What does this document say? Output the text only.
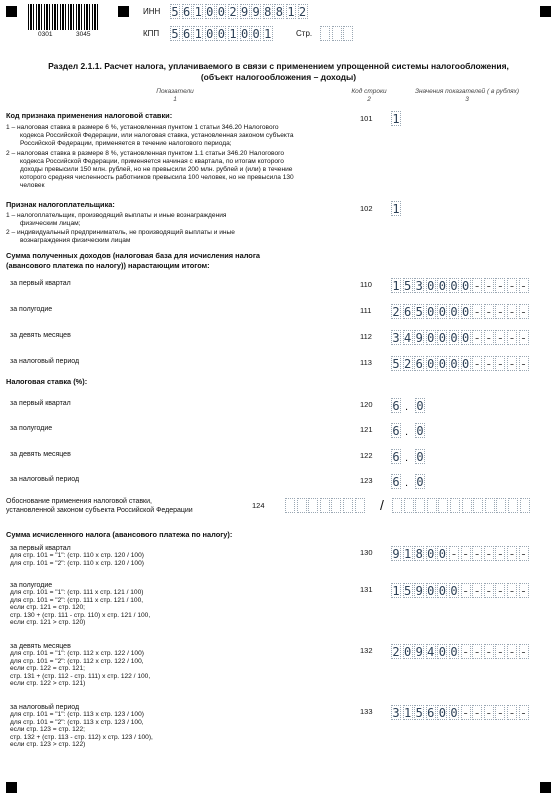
0301	3045
ИНН 5 6 1 0 0 2 9 9 8 8 1 2
КПП 5 6 1 0 0 1 0 0 1	Стр.
Раздел 2.1.1. Расчет налога, уплачиваемого в связи с применением упрощенной системы налогообложения,
(объект налогообложения – доходы)
Показатели
1
Код строки
2
Значения показателей ( в рублях)
3
Код признака применения налоговой ставки:
1 – налоговая ставка в размере 6 %, установленная пунктом 1 статьи 346.20 Налогового
кодекса Российской Федерации, или налоговая ставка, установленная законом субъекта
Российской Федерации, применяется в течение налогового периода;
2 – налоговая ставка в размере 8 %, установленная пунктом 1.1 статьи 346.20 Налогового
кодекса Российской Федерации, применяется начиная с квартала, по итогам которого
доходы превысили 150 млн. рублей, но не превысили 200 млн. рублей и (или) в течение
которого средняя численность работников превысила 100 человек, но не превысила 130
человек
101 1
Признак налогоплательщика:
1 – налогоплательщик, производящий выплаты и иные вознаграждения
физическим лицам;
2 – индивидуальный предприниматель, не производящий выплаты и иные
вознаграждения физическим лицам
102 1
Сумма полученных доходов (налоговая база для исчисления налога
(авансового платежа по налогу)) нарастающим итогом:
за первый квартал	110 1 5 3 0 0 0 0 - - - - -
за полугодие	111 2 6 5 0 0 0 0 - - - - -
за девять месяцев	112 3 4 9 0 0 0 0 - - - - -
за налоговый период	113 5 2 6 0 0 0 0 - - - - -
Налоговая ставка (%):
за первый квартал	120 6 . 0
за полугодие	121 6 . 0
за девять месяцев	122 6 . 0
за налоговый период	123 6 . 0
Обоснование применения налоговой ставки,
установленной законом субъекта Российской Федерации
124	/
Сумма исчисленного налога (авансового платежа по налогу):
за первый квартал
для стр. 101 = "1": (стр. 110 х стр. 120 / 100)
для стр. 101 = "2": (стр. 110 х стр. 120 / 100)
130 9 1 8 0 0 - - - - - - -
за полугодие
для стр. 101 = "1": (стр. 111 х стр. 121 / 100)
для стр. 101 = "2": (стр. 111 х стр. 121 / 100,
если стр. 121 = стр. 120;
стр. 130 + (стр. 111 - стр. 110) х стр. 121 / 100,
если стр. 121 > стр. 120)
131 1 5 9 0 0 0 - - - - - -
за девять месяцев
для стр. 101 = "1": (стр. 112 х стр. 122 / 100)
для стр. 101 = "2": (стр. 112 х стр. 122 / 100,
если стр. 122 = стр. 121;
стр. 131 + (стр. 112 - стр. 111) х стр. 122 / 100,
если стр. 122 > стр. 121)
132 2 0 9 4 0 0 - - - - - -
за налоговый период
для стр. 101 = "1": (стр. 113 х стр. 123 / 100)
для стр. 101 = "2": (стр. 113 х стр. 123 / 100,
если стр. 123 = стр. 122;
стр. 132 + (стр. 113 - стр. 112) х стр. 123 / 100),
если стр. 123 > стр. 122)
133 3 1 5 6 0 0 - - - - - -
